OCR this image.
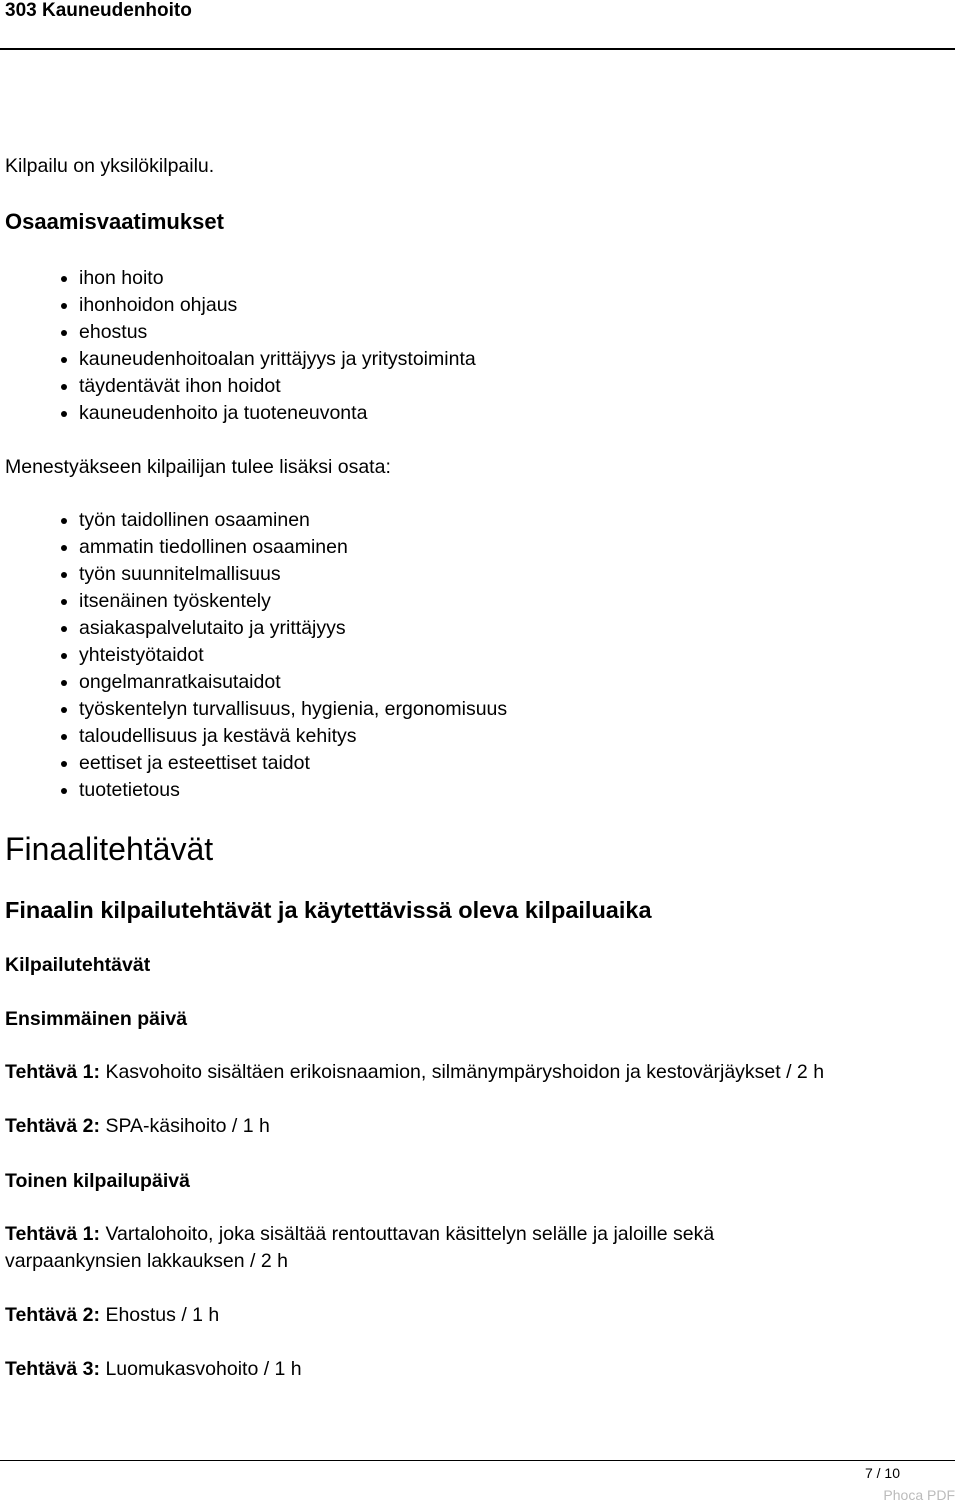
303 Kauneudenhoito

Kilpailu on yksilökilpailu.

Osaamisvaatimukset
• ihon hoito
• ihonhoidon ohjaus
• ehostus
• kauneudenhoitoalan yrittäjyys ja yritystoiminta
• täydentävät ihon hoidot
• kauneudenhoito ja tuoteneuvonta

Menestyäkseen kilpailijan tulee lisäksi osata:

• työn taidollinen osaaminen
• ammatin tiedollinen osaaminen
• työn suunnitelmallisuus
• itsenäinen työskentely
• asiakaspalvelutaito ja yrittäjyys
• yhteistyötaidot
• ongelmanratkaisutaidot
• työskentelyn turvallisuus, hygienia, ergonomisuus
• taloudellisuus ja kestävä kehitys
• eettiset ja esteettiset taidot
• tuotetietous
Finaalitehtävät
Finaalin kilpailutehtävät ja käytettävissä oleva kilpailuaika
Kilpailutehtävät
Ensimmäinen päivä

Tehtävä 1: Kasvohoito sisältäen erikoisnaamion, silmänympäryshoidon ja kestovärjäykset / 2 h

Tehtävä 2: SPA-käsihoito / 1 h

Toinen kilpailupäivä

Tehtävä 1: Vartalohoito, joka sisältää rentouttavan käsittelyn selälle ja jaloille sekä varpaankynsien lakkauksen / 2 h

Tehtävä 2: Ehostus / 1 h

Tehtävä 3: Luomukasvohoito / 1 h

7 / 10
Phoca PDF
